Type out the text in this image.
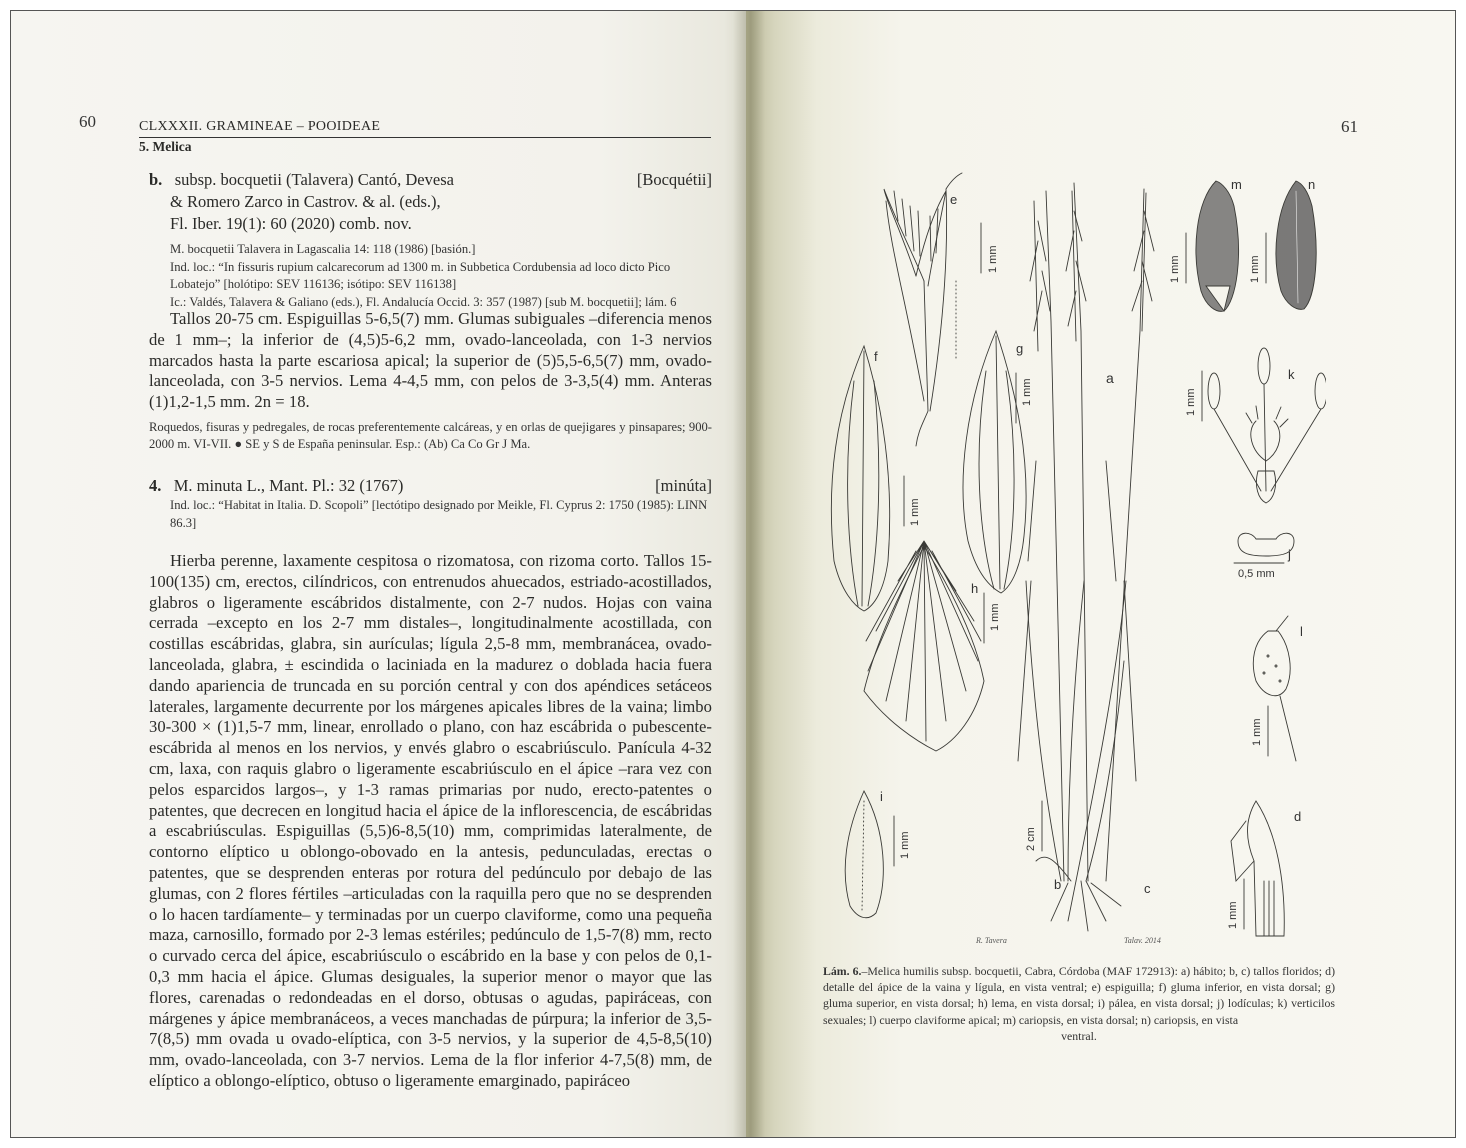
60	CLXXXII. GRAMINEAE – POOIDEAE
5. Melica
b. subsp. bocquetii (Talavera) Cantó, Devesa	[Bocquétii]
& Romero Zarco in Castrov. & al. (eds.),
Fl. Iber. 19(1): 60 (2020) comb. nov.
M. bocquetii Talavera in Lagascalia 14: 118 (1986) [basión.]
Ind. loc.: “In fissuris rupium calcarecorum ad 1300 m. in Subbetica Cordubensia ad loco dicto Pico Lobatejo” [holótipo: SEV 116136; isótipo: SEV 116138]
Ic.: Valdés, Talavera & Galiano (eds.), Fl. Andalucía Occid. 3: 357 (1987) [sub M. bocquetii]; lám. 6

Tallos 20-75 cm. Espiguillas 5-6,5(7) mm. Glumas subiguales –diferencia menos de 1 mm–; la inferior de (4,5)5-6,2 mm, ovado-lanceolada, con 1-3 nervios marcados hasta la parte escariosa apical; la superior de (5)5,5-6,5(7) mm, ovado-lanceolada, con 3-5 nervios. Lema 4-4,5 mm, con pelos de 3-3,5(4) mm. Anteras (1)1,2-1,5 mm. 2n = 18.

Roquedos, fisuras y pedregales, de rocas preferentemente calcáreas, y en orlas de quejigares y pinsapares; 900-2000 m. VI-VII. ● SE y S de España peninsular. Esp.: (Ab) Ca Co Gr J Ma.

4. M. minuta L., Mant. Pl.: 32 (1767)	[minúta]
Ind. loc.: “Habitat in Italia. D. Scopoli” [lectótipo designado por Meikle, Fl. Cyprus 2: 1750 (1985): LINN 86.3]

Hierba perenne, laxamente cespitosa o rizomatosa, con rizoma corto. Tallos 15-100(135) cm, erectos, cilíndricos, con entrenudos ahuecados, estriado-acostillados, glabros o ligeramente escábridos distalmente, con 2-7 nudos. Hojas con vaina cerrada –excepto en los 2-7 mm distales–, longitudinalmente acostillada, con costillas escábridas, glabra, sin aurículas; lígula 2,5-8 mm, membranácea, ovado-lanceolada, glabra, ± escindida o laciniada en la madurez o doblada hacia fuera dando apariencia de truncada en su porción central y con dos apéndices setáceos laterales, largamente decurrente por los márgenes apicales libres de la vaina; limbo 30-300 × (1)1,5-7 mm, linear, enrollado o plano, con haz escábrida o pubescente-escábrida al menos en los nervios, y envés glabro o escabriúsculo. Panícula 4-32 cm, laxa, con raquis glabro o ligeramente escabriúsculo en el ápice –rara vez con pelos esparcidos largos–, y 1-3 ramas primarias por nudo, erecto-patentes o patentes, que decrecen en longitud hacia el ápice de la inflorescencia, de escábridas a escabriúsculas. Espiguillas (5,5)6-8,5(10) mm, comprimidas lateralmente, de contorno elíptico u oblongo-obovado en la antesis, pedunculadas, erectas o patentes, que se desprenden enteras por rotura del pedúnculo por debajo de las glumas, con 2 flores fértiles –articuladas con la raquilla pero que no se desprenden o lo hacen tardíamente– y terminadas por un cuerpo claviforme, como una pequeña maza, carnosillo, formado por 2-3 lemas estériles; pedúnculo de 1,5-7(8) mm, recto o curvado cerca del ápice, escabriúsculo o escábrido en la base y con pelos de 0,1-0,3 mm hacia el ápice. Glumas desiguales, la superior menor o mayor que las flores, carenadas o redondeadas en el dorso, obtusas o agudas, papiráceas, con márgenes y ápice membranáceos, a veces manchadas de púrpura; la inferior de 3,5-7(8,5) mm ovada u ovado-elíptica, con 3-5 nervios, y la superior de 4,5-8,5(10) mm, ovado-lanceolada, con 3-7 nervios. Lema de la flor inferior 4-7,5(8) mm, de elíptico a oblongo-elíptico, obtuso o ligeramente emarginado, papiráceo

61
e
1 mm
f
1 mm
g
1 mm
h
1 mm
i
1 mm
a
b	c
2 cm
m
1 mm
n
1 mm
k
1 mm
j
0,5 mm
l
1 mm
d
1 mm
R. Tavera	Talav. 2014
Lám. 6.–Melica humilis subsp. bocquetii, Cabra, Córdoba (MAF 172913): a) hábito; b, c) tallos floridos; d) detalle del ápice de la vaina y lígula, en vista ventral; e) espiguilla; f) gluma inferior, en vista dorsal; g) gluma superior, en vista dorsal; h) lema, en vista dorsal; i) pálea, en vista dorsal; j) lodículas; k) verticilos sexuales; l) cuerpo claviforme apical; m) cariopsis, en vista dorsal; n) cariopsis, en vista
ventral.
